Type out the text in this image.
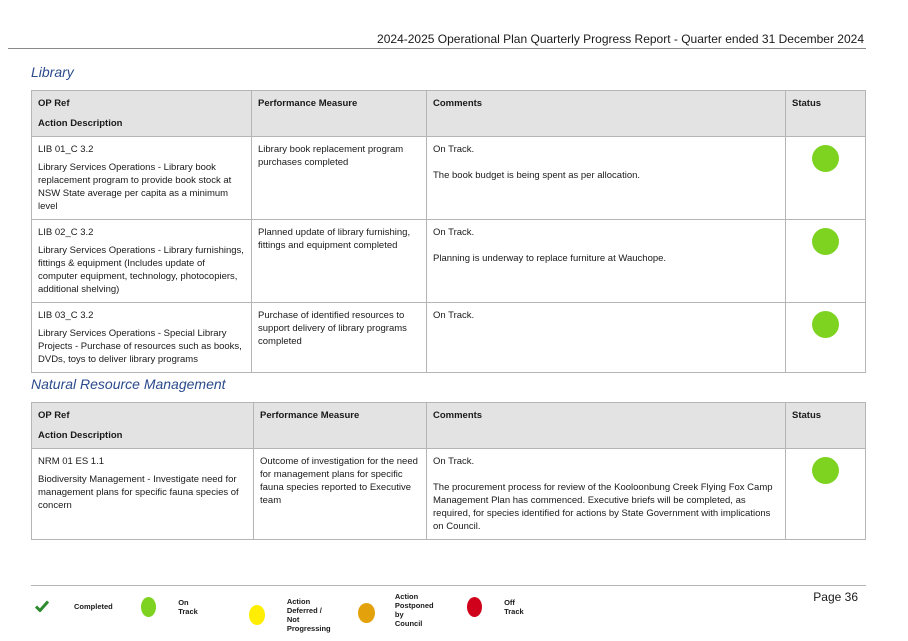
2024-2025 Operational Plan Quarterly Progress Report - Quarter ended 31 December 2024
Library
OP Ref
Action Description	Performance Measure	Comments	Status

LIB 01_C 3.2
Library Services Operations - Library book replacement program to provide book stock at NSW State average per capita as a minimum level	Library book replacement program purchases completed	On Track.
The book budget is being spent as per allocation.	

LIB 02_C 3.2
Library Services Operations - Library furnishings, fittings & equipment (Includes update of computer equipment, technology, photocopiers, additional shelving)	Planned update of library furnishing, fittings and equipment completed	On Track.
Planning is underway to replace furniture at Wauchope.	

LIB 03_C 3.2
Library Services Operations - Special Library Projects - Purchase of resources such as books, DVDs, toys to deliver library programs	Purchase of identified resources to support delivery of library programs completed	On Track.	
Natural Resource Management
OP Ref
Action Description	Performance Measure	Comments	Status

NRM 01 ES 1.1
Biodiversity Management - Investigate need for management plans for specific fauna species of concern	Outcome of investigation for the need for management plans for specific fauna species reported to Executive team	On Track.
The procurement process for review of the Kooloonbung Creek Flying Fox Camp Management Plan has commenced. Executive briefs will be completed, as required, for species identified for actions by State Government with implications on Council.	

Completed	On Track
Action Deferred /
Not Progressing
Action
Postponed by
Council
Off Track
Page 36
